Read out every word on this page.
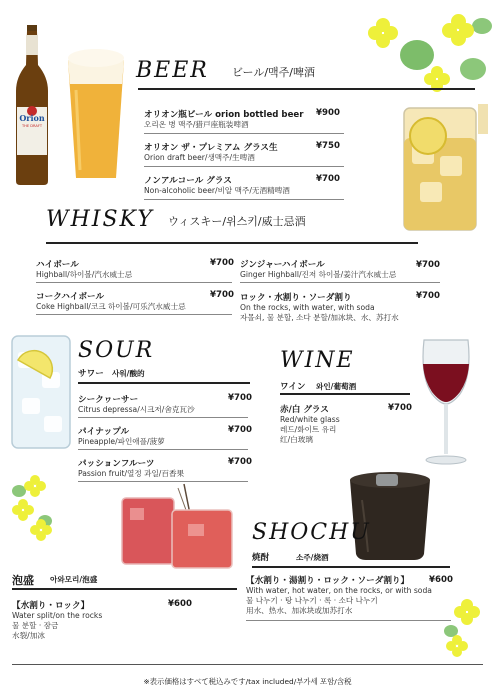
Orion
THE DRAFT
BEER ビール/맥주/啤酒
オリオン瓶ビール orion bottled beer
오리온 병 맥주/猎戸座瓶装啤酒
¥900
オリオン ザ・プレミアム グラス生
Orion draft beer/생맥주/生啤酒
¥750
ノンアルコール グラス
Non-alcoholic beer/비알 맥주/无酒精啤酒
¥700
WHISKY ウィスキー/위스키/威士忌酒
ハイボール
Highball/하이볼/汽水威士忌
¥700 ジンジャーハイボール
Ginger Highball/진저 하이볼/姜汁汽水威士忌
¥700
コークハイボール
Coke Highball/코크 하이볼/可乐汽水威士忌
¥700 ロック・水割り・ソーダ割り
On the rocks, with water, with soda
자몰쇠, 물 분할, 소다 분할/加冰块、水、苏打水
¥700
SOUR
サワー 사워/酸的
シークヮーサー
Citrus depressa/시크저/舍克瓦沙
¥700
パイナップル
Pineapple/파인애플/菠萝
¥700
パッションフルーツ
Passion fruit/열정 과일/百香果
¥700
WINE
ワイン 와인/葡萄酒
赤/白 グラス
Red/white glass
레드/화이트 유리
红/白玻璃
¥700
SHOCHU
焼酎	소주/烧酒
【水割り・湯割り・ロック・ソーダ割り】
With water, hot water, on the rocks, or with soda
물 나누기 · 탕 나누기 · 록 · 소다 나누기
用水、热水、加冰块或加苏打水
¥600
泡盛 아와모리/泡盛
【水割り・ロック】
Water split/on the rocks
물 분할 · 잠금
水裂/加冰
¥600
※表示価格はすべて税込みです/tax included/부가세 포함/含税
